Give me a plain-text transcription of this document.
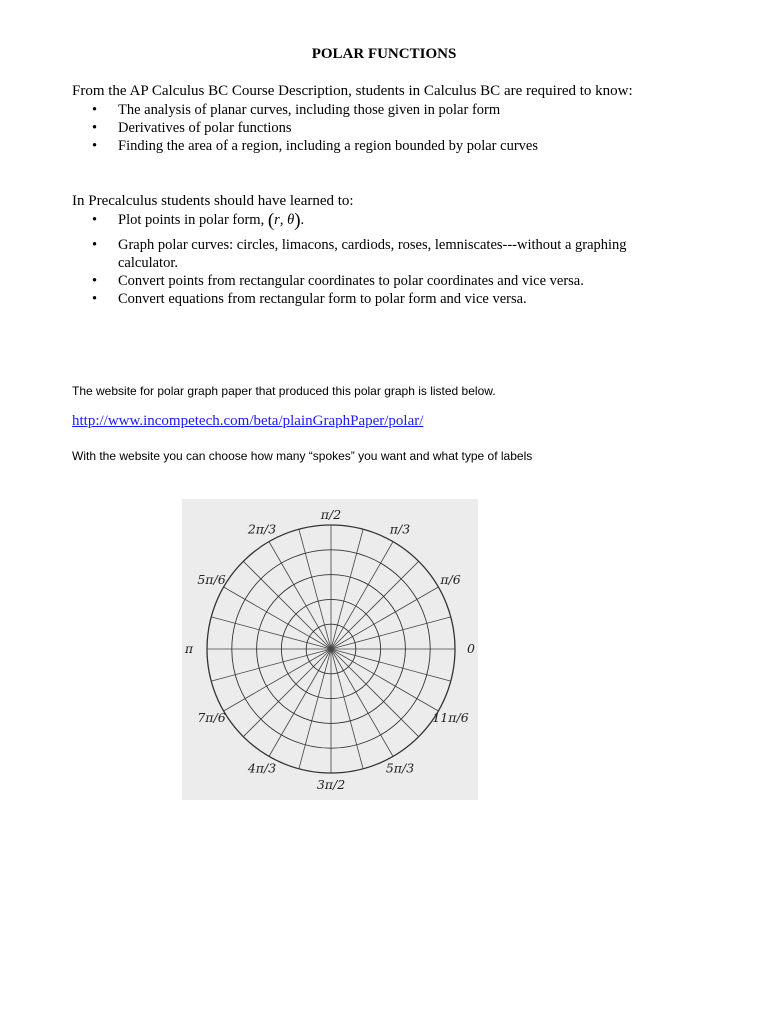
POLAR FUNCTIONS
From the AP Calculus BC Course Description, students in Calculus BC are required to know:
• The analysis of planar curves, including those given in polar form
• Derivatives of polar functions
• Finding the area of a region, including a region bounded by polar curves
In Precalculus students should have learned to:
• Plot points in polar form, (r, θ).
• Graph polar curves: circles, limacons, cardiods, roses, lemniscates---without a graphing calculator.
• Convert points from rectangular coordinates to polar coordinates and vice versa.
• Convert equations from rectangular form to polar form and vice versa.
The website for polar graph paper that produced this polar graph is listed below.
http://www.incompetech.com/beta/plainGraphPaper/polar/
With the website you can choose how many “spokes” you want and what type of labels
0
π/6
π/3
π/2
2π/3
5π/6
π
7π/6
4π/3
3π/2
5π/3
11π/6
